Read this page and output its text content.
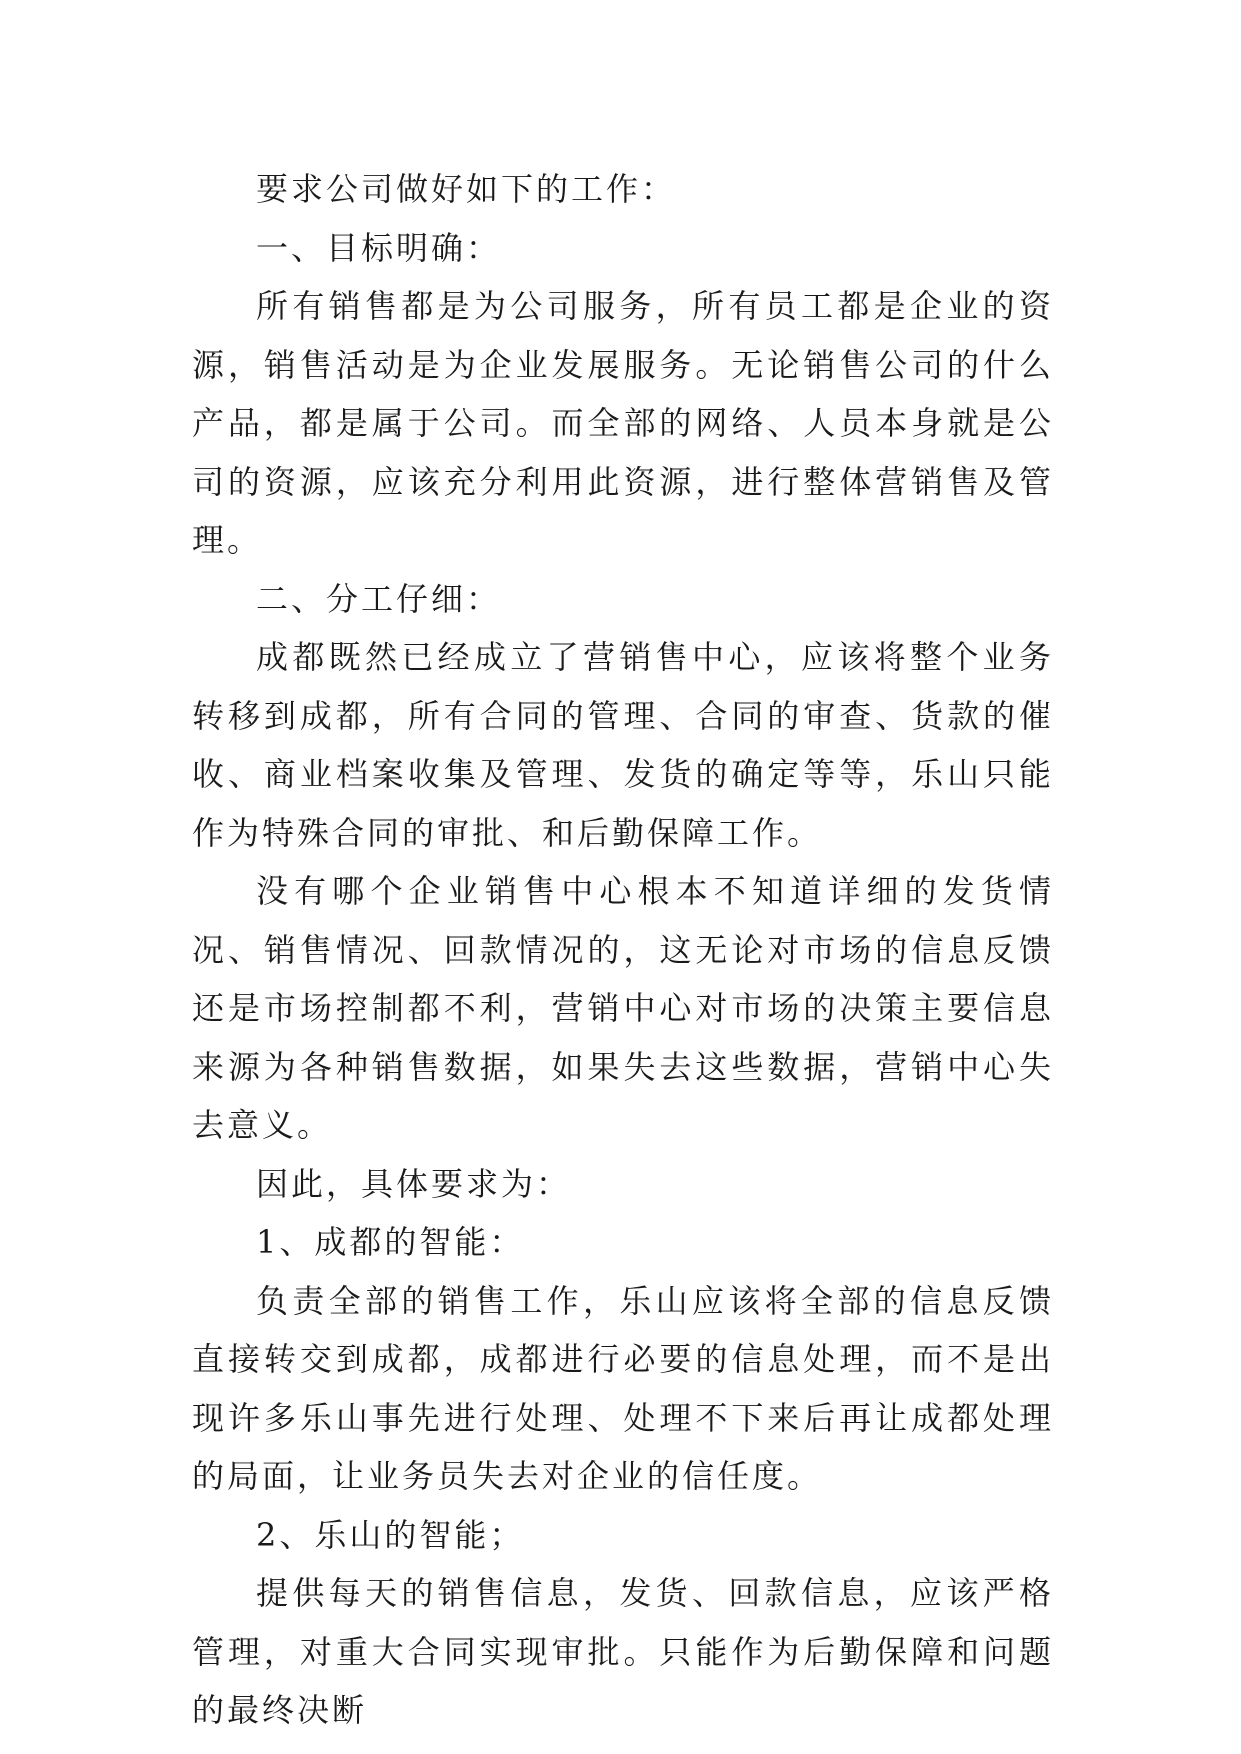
要求公司做好如下的工作：

一、目标明确：

所有销售都是为公司服务，所有员工都是企业的资源，销售活动是为企业发展服务。无论销售公司的什么产品，都是属于公司。而全部的网络、人员本身就是公司的资源，应该充分利用此资源，进行整体营销售及管理。

二、分工仔细：

成都既然已经成立了营销售中心，应该将整个业务转移到成都，所有合同的管理、合同的审查、货款的催收、商业档案收集及管理、发货的确定等等，乐山只能作为特殊合同的审批、和后勤保障工作。

没有哪个企业销售中心根本不知道详细的发货情况、销售情况、回款情况的，这无论对市场的信息反馈还是市场控制都不利，营销中心对市场的决策主要信息来源为各种销售数据，如果失去这些数据，营销中心失去意义。

因此，具体要求为：

1、成都的智能：

负责全部的销售工作，乐山应该将全部的信息反馈直接转交到成都，成都进行必要的信息处理，而不是出现许多乐山事先进行处理、处理不下来后再让成都处理的局面，让业务员失去对企业的信任度。

2、乐山的智能；

提供每天的销售信息，发货、回款信息，应该严格管理，对重大合同实现审批。只能作为后勤保障和问题的最终决断
